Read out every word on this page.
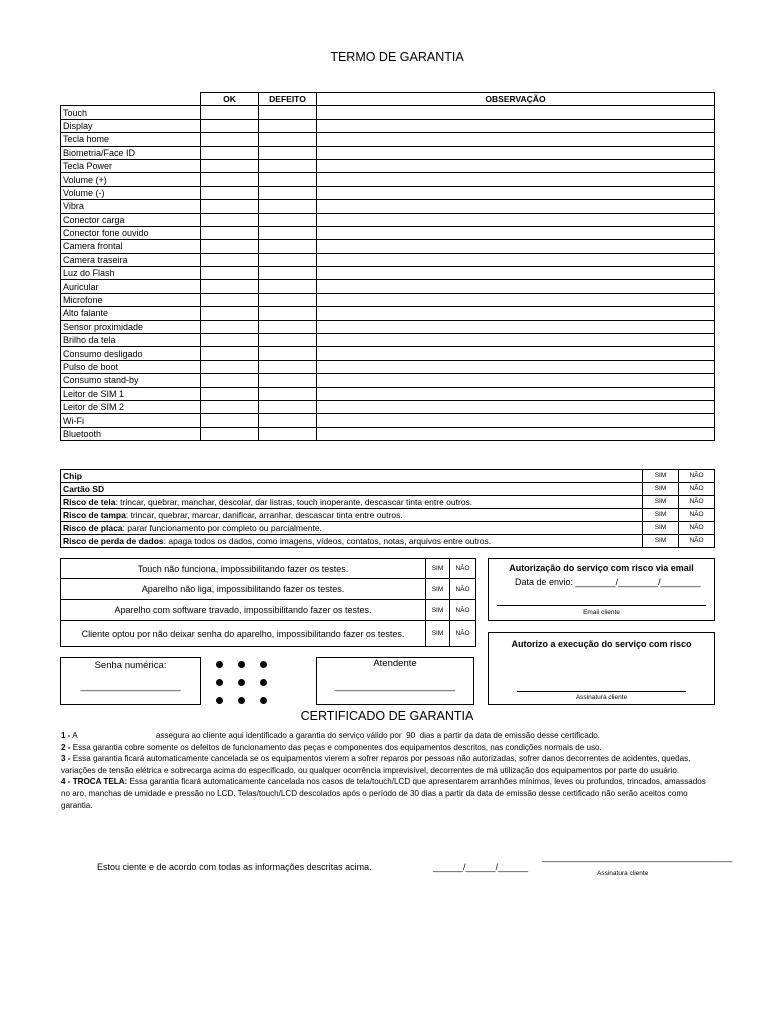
TERMO DE GARANTIA
	OK	DEFEITO	OBSERVAÇÃO
Touch			
Display			
Tecla home			
Biometria/Face ID			
Tecla Power			
Volume (+)			
Volume (-)			
Vibra			
Conector carga			
Conector fone ouvido			
Camera frontal			
Camera traseira			
Luz do Flash			
Auricular			
Microfone			
Alto falante			
Sensor proximidade			
Brilho da tela			
Consumo desligado			
Pulso de boot			
Consumo stand-by			
Leitor de SIM 1			
Leitor de SIM 2			
Wi-Fi			
Bluetooth			
Chip	SIM	NÃO
Cartão SD	SIM	NÃO
Risco de tela: trincar, quebrar, manchar, descolar, dar listras, touch inoperante, descascar tinta entre outros.	SIM	NÃO
Risco de tampa: trincar, quebrar, marcar, danificar, arranhar, descascar tinta entre outros.	SIM	NÃO
Risco de placa: parar funcionamento por completo ou parcialmente.	SIM	NÃO
Risco de perda de dados: apaga todos os dados, como imagens, vídeos, contatos, notas, arquivos entre outros.	SIM	NÃO
Touch não funciona, impossibilitando fazer os testes.	SIM	NÃO
Aparelho não liga, impossibilitando fazer os testes.	SIM	NÃO
Aparelho com software travado, impossibilitando fazer os testes.	SIM	NÃO
Cliente optou por não deixar senha do aparelho, impossibilitando fazer os testes.	SIM	NÃO
Autorização do serviço com risco via email
Data de envio: ________/________/________
Email cliente
Autorizo a execução do serviço com risco
Assinatura cliente
Senha numérica:
____________________
Atendente
________________________
CERTIFICADO DE GARANTIA

1 - A                                   assegura ao cliente aqui identificado a garantia do serviço válido por  90  dias a partir da data de emissão desse certificado.

2 - Essa garantia cobre somente os defeitos de funcionamento das peças e componentes dos equipamentos descritos, nas condições normais de uso.

3 - Essa garantia ficará automaticamente cancelada se os equipamentos vierem a sofrer reparos por pessoas não autorizadas, sofrer danos decorrentes de acidentes, quedas, variações de tensão elétrica e sobrecarga acima do especificado, ou qualquer ocorrência imprevisível, decorrentes de má utilização dos equipamentos por parte do usuário.

4 - TROCA TELA: Essa garantia ficará automaticamente cancelada nos casos de tela/touch/LCD que apresentarem arranhões mínimos, leves ou profundos, trincados, amassados no aro, manchas de umidade e pressão no LCD. Telas/touch/LCD descolados após o período de 30 dias a partir da data de emissão desse certificado não serão aceitos como garantia.

Estou ciente e de acordo com todas as informações descritas acima.	______/______/______
______________________________________
Assinatura cliente
